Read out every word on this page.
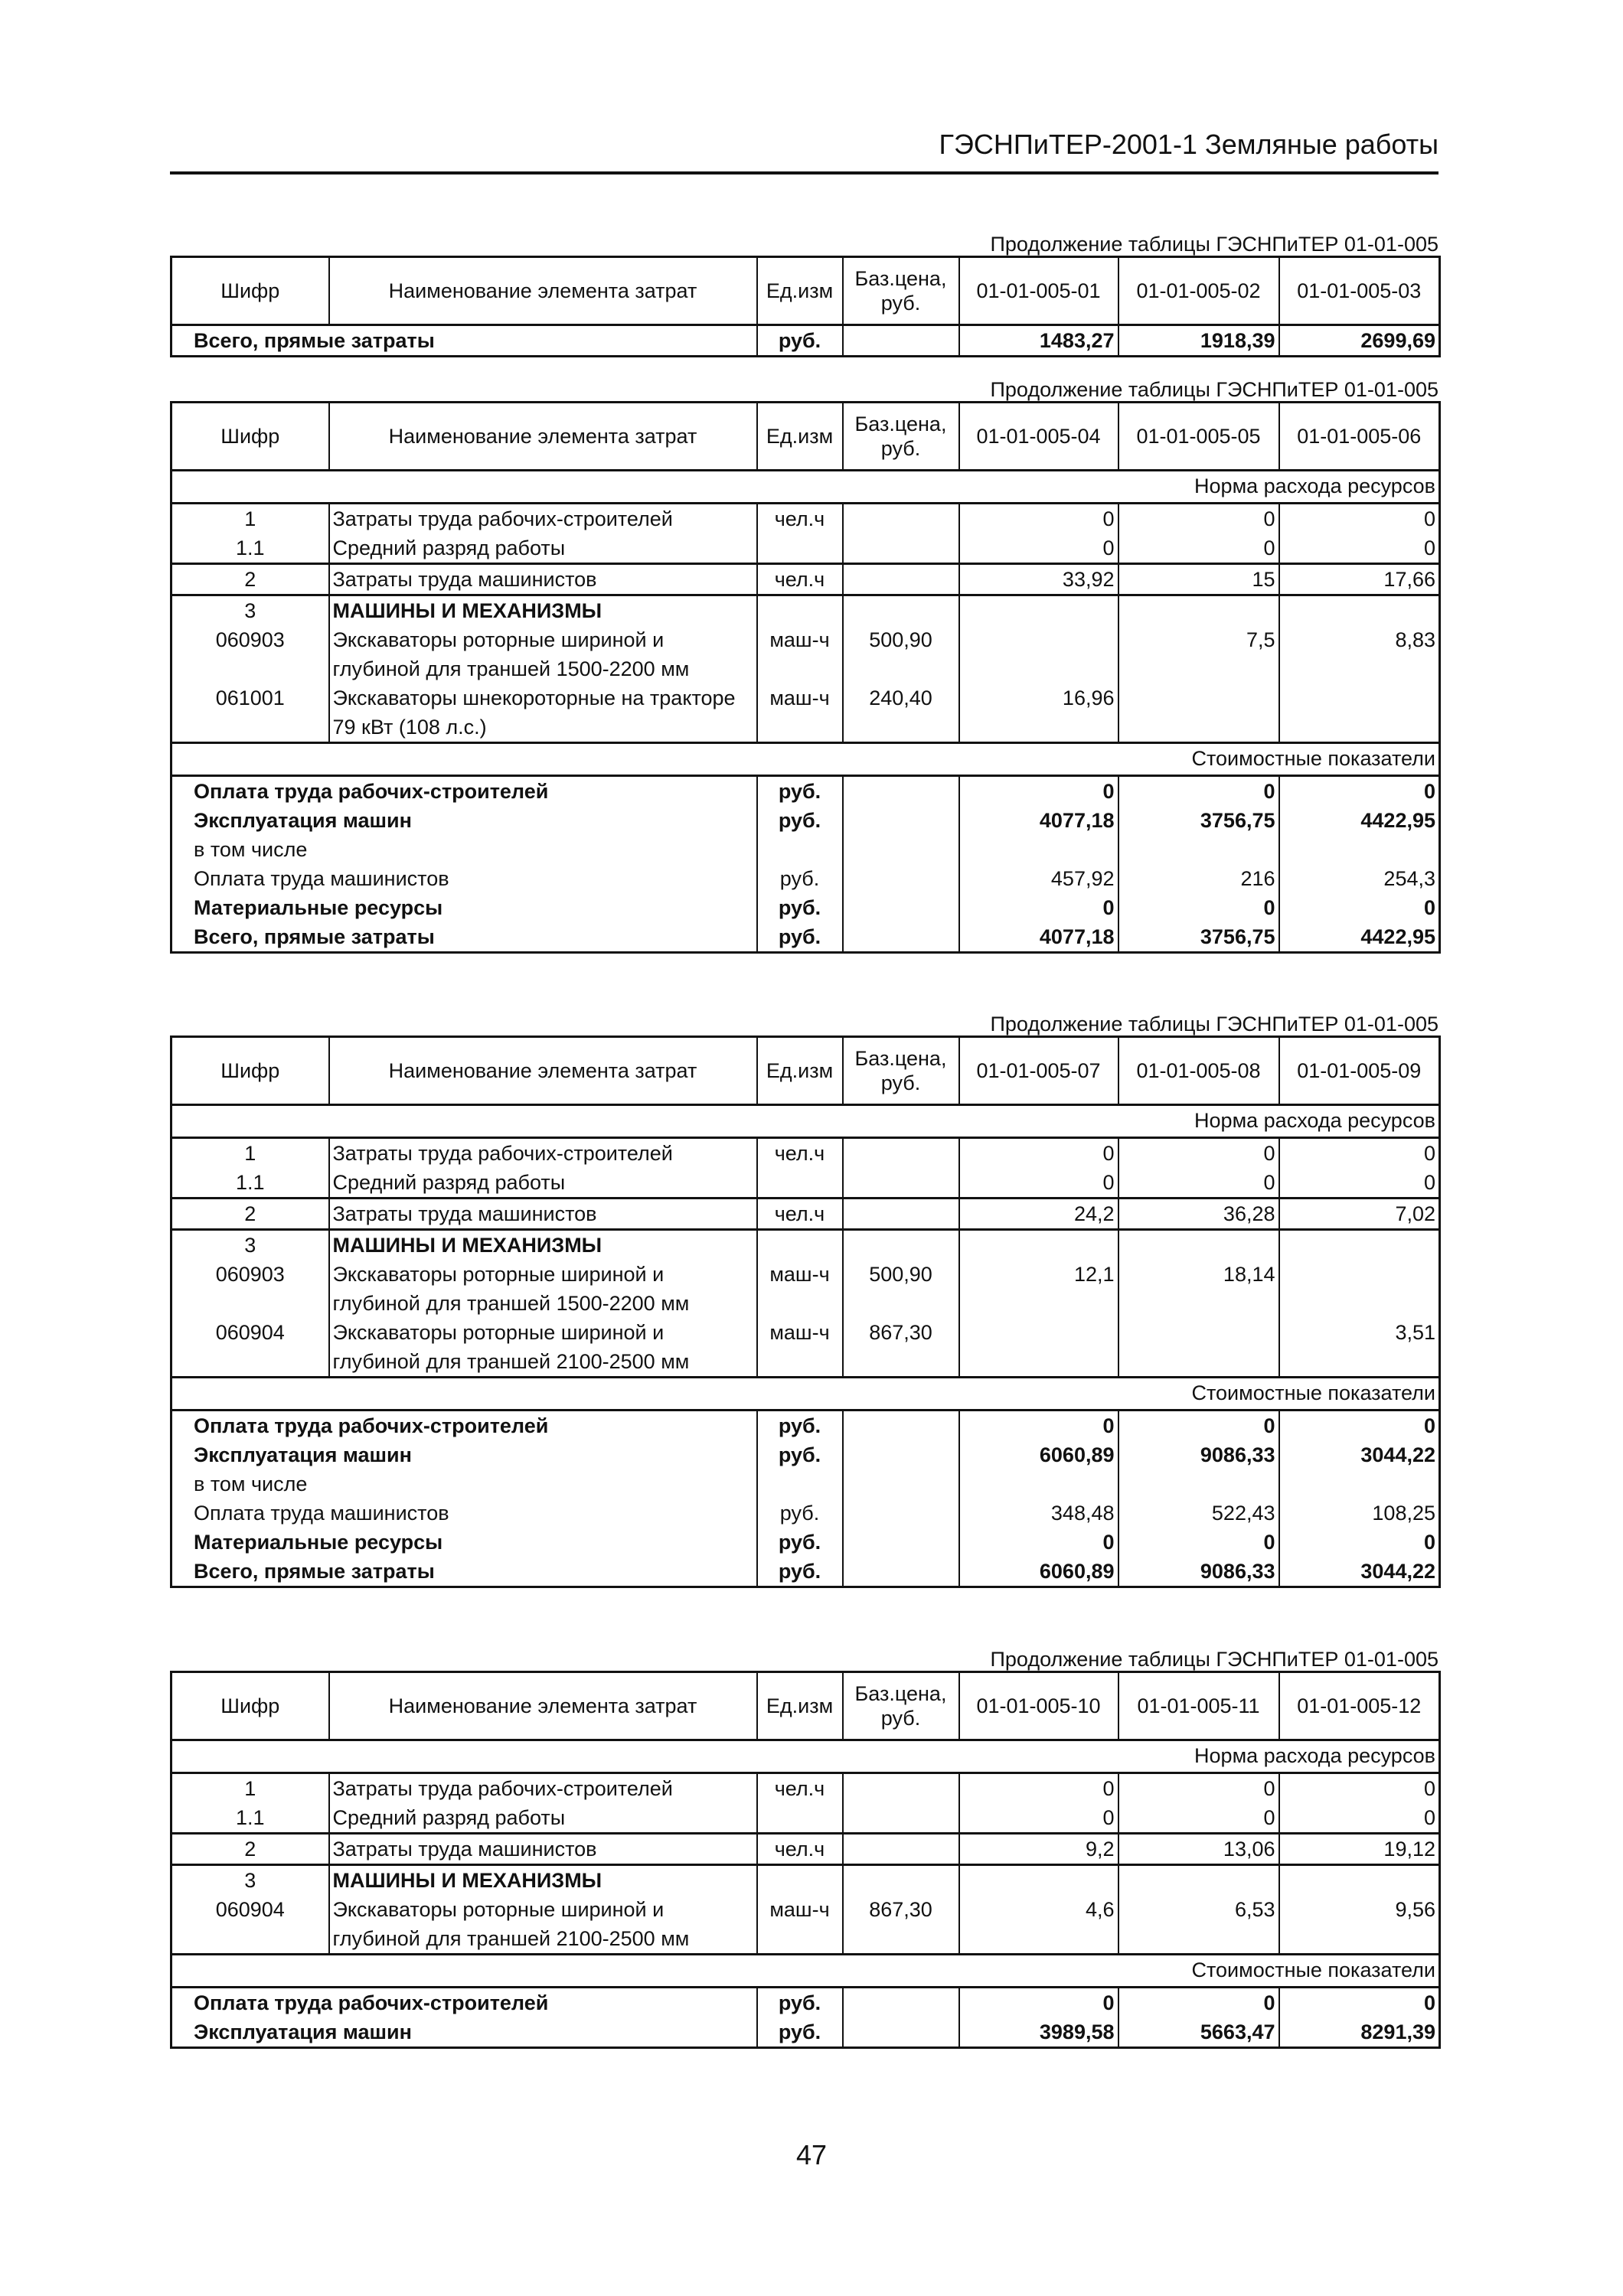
ГЭСНПиТЕР-2001-1 Земляные работы
Продолжение таблицы ГЭСНПиТЕР 01-01-005
Шифр	Наименование элемента затрат	Ед.изм	Баз.цена, руб.	01-01-005-01	01-01-005-02	01-01-005-03
Всего, прямые затраты		руб.		1483,27	1918,39	2699,69
Продолжение таблицы ГЭСНПиТЕР 01-01-005
Шифр	Наименование элемента затрат	Ед.изм	Баз.цена, руб.	01-01-005-04	01-01-005-05	01-01-005-06
Норма расхода ресурсов						
1	Затраты труда рабочих-строителей	чел.ч		0	0	0
1.1	Средний разряд работы			0	0	0
2	Затраты труда машинистов	чел.ч		33,92	15	17,66
3	МАШИНЫ И МЕХАНИЗМЫ					
060903	Экскаваторы роторные шириной и глубиной для траншей 1500-2200 мм	маш-ч	500,90		7,5	8,83
061001	Экскаваторы шнекороторные на тракторе 79 кВт (108 л.с.)	маш-ч	240,40	16,96		
Стоимостные показатели						
Оплата труда рабочих-строителей		руб.		0	0	0
Эксплуатация машин		руб.		4077,18	3756,75	4422,95
в том числе						
Оплата труда машинистов		руб.		457,92	216	254,3
Материальные ресурсы		руб.		0	0	0
Всего, прямые затраты		руб.		4077,18	3756,75	4422,95
Продолжение таблицы ГЭСНПиТЕР 01-01-005
Шифр	Наименование элемента затрат	Ед.изм	Баз.цена, руб.	01-01-005-07	01-01-005-08	01-01-005-09
Норма расхода ресурсов						
1	Затраты труда рабочих-строителей	чел.ч		0	0	0
1.1	Средний разряд работы			0	0	0
2	Затраты труда машинистов	чел.ч		24,2	36,28	7,02
3	МАШИНЫ И МЕХАНИЗМЫ					
060903	Экскаваторы роторные шириной и глубиной для траншей 1500-2200 мм	маш-ч	500,90	12,1	18,14	
060904	Экскаваторы роторные шириной и глубиной для траншей 2100-2500 мм	маш-ч	867,30			3,51
Стоимостные показатели						
Оплата труда рабочих-строителей		руб.		0	0	0
Эксплуатация машин		руб.		6060,89	9086,33	3044,22
в том числе						
Оплата труда машинистов		руб.		348,48	522,43	108,25
Материальные ресурсы		руб.		0	0	0
Всего, прямые затраты		руб.		6060,89	9086,33	3044,22
Продолжение таблицы ГЭСНПиТЕР 01-01-005
Шифр	Наименование элемента затрат	Ед.изм	Баз.цена, руб.	01-01-005-10	01-01-005-11	01-01-005-12
Норма расхода ресурсов						
1	Затраты труда рабочих-строителей	чел.ч		0	0	0
1.1	Средний разряд работы			0	0	0
2	Затраты труда машинистов	чел.ч		9,2	13,06	19,12
3	МАШИНЫ И МЕХАНИЗМЫ					
060904	Экскаваторы роторные шириной и глубиной для траншей 2100-2500 мм	маш-ч	867,30	4,6	6,53	9,56
Стоимостные показатели						
Оплата труда рабочих-строителей		руб.		0	0	0
Эксплуатация машин		руб.		3989,58	5663,47	8291,39
47
